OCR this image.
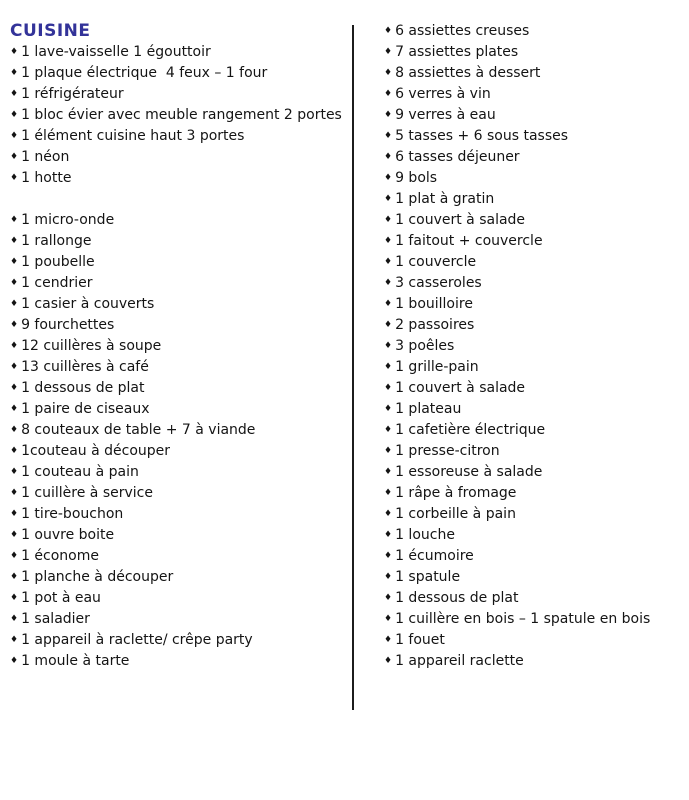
CUISINE
♦ 1 lave-vaisselle 1 égouttoir
♦ 1 plaque électrique  4 feux – 1 four
♦ 1 réfrigérateur
♦ 1 bloc évier avec meuble rangement 2 portes
♦ 1 élément cuisine haut 3 portes
♦ 1 néon
♦ 1 hotte
♦ 1 micro-onde
♦ 1 rallonge
♦ 1 poubelle
♦ 1 cendrier
♦ 1 casier à couverts
♦ 9 fourchettes
♦ 12 cuillères à soupe
♦ 13 cuillères à café
♦ 1 dessous de plat
♦ 1 paire de ciseaux
♦ 8 couteaux de table + 7 à viande
♦ 1couteau à découper
♦ 1 couteau à pain
♦ 1 cuillère à service
♦ 1 tire-bouchon
♦ 1 ouvre boite
♦ 1 économe
♦ 1 planche à découper
♦ 1 pot à eau
♦ 1 saladier
♦ 1 appareil à raclette/ crêpe party
♦ 1 moule à tarte
♦ 6 assiettes creuses
♦ 7 assiettes plates
♦ 8 assiettes à dessert
♦ 6 verres à vin
♦ 9 verres à eau
♦ 5 tasses + 6 sous tasses
♦ 6 tasses déjeuner
♦ 9 bols
♦ 1 plat à gratin
♦ 1 couvert à salade
♦ 1 faitout + couvercle
♦ 1 couvercle
♦ 3 casseroles
♦ 1 bouilloire
♦ 2 passoires
♦ 3 poêles
♦ 1 grille-pain
♦ 1 couvert à salade
♦ 1 plateau
♦ 1 cafetière électrique
♦ 1 presse-citron
♦ 1 essoreuse à salade
♦ 1 râpe à fromage
♦ 1 corbeille à pain
♦ 1 louche
♦ 1 écumoire
♦ 1 spatule
♦ 1 dessous de plat
♦ 1 cuillère en bois – 1 spatule en bois
♦ 1 fouet
♦ 1 appareil raclette
